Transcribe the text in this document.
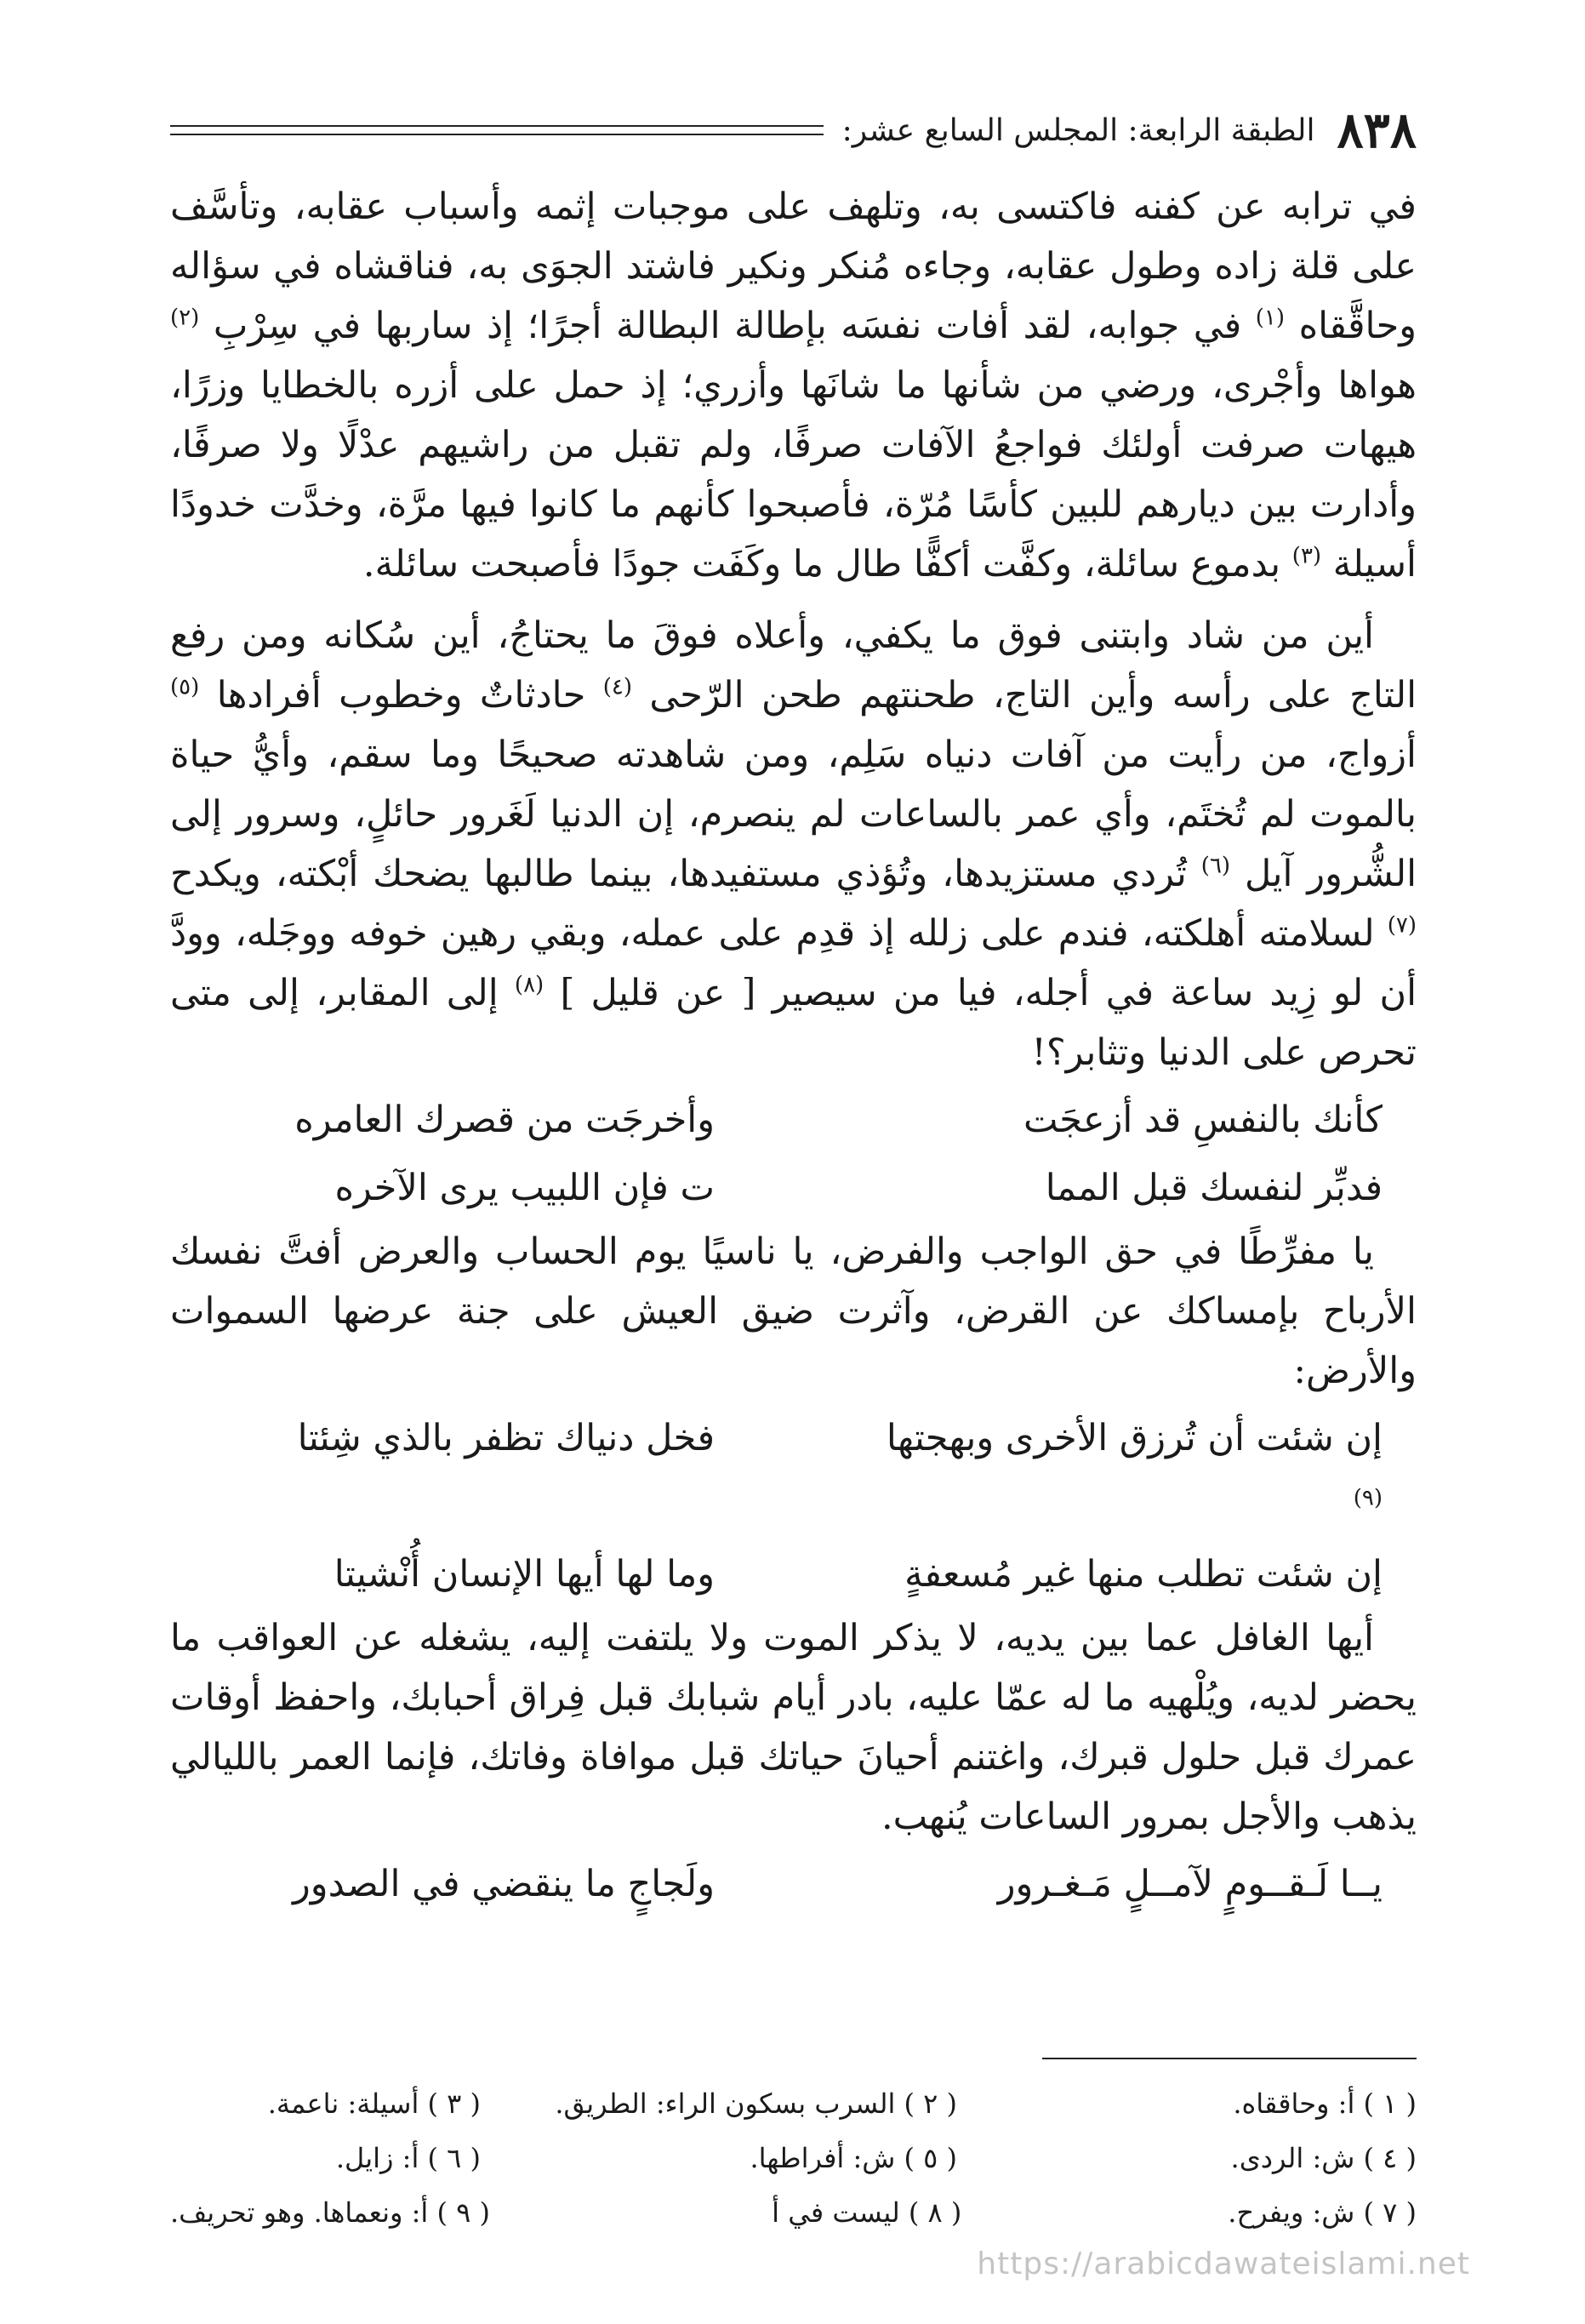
٨٣٨
الطبقة الرابعة: المجلس السابع عشر:

في ترابه عن كفنه فاكتسى به، وتلهف على موجبات إثمه وأسباب عقابه، وتأسَّف على قلة زاده وطول عقابه، وجاءه مُنكر ونكير فاشتد الجوَى به، فناقشاه في سؤاله وحاقَّقاه $^{(١)}$ في جوابه، لقد أفات نفسَه بإطالة البطالة أجرًا؛ إذ ساربها في سِرْبِ $^{(٢)}$ هواها وأجْرى، ورضي من شأنها ما شانَها وأزري؛ إذ حمل على أزره بالخطايا وزرًا، هيهات صرفت أولئك فواجعُ الآفات صرفًا، ولم تقبل من راشيهم عدْلًا ولا صرفًا، وأدارت بين ديارهم للبين كأسًا مُرّة، فأصبحوا كأنهم ما كانوا فيها مرَّة، وخدَّت خدودًا أسيلة $^{(٣)}$ بدموع سائلة، وكفَّت أكفًّا طال ما وكَفَت جودًا فأصبحت سائلة.

أين من شاد وابتنى فوق ما يكفي، وأعلاه فوقَ ما يحتاجُ، أين سُكانه ومن رفع التاج على رأسه وأين التاج، طحنتهم طحن الرّحى $^{(٤)}$ حادثاتٌ وخطوب أفرادها $^{(٥)}$ أزواج، من رأيت من آفات دنياه سَلِم، ومن شاهدته صحيحًا وما سقم، وأيُّ حياة بالموت لم تُختَم، وأي عمر بالساعات لم ينصرم، إن الدنيا لَغَرور حائلٍ، وسرور إلى الشُّرور آيل $^{(٦)}$ تُردي مستزيدها، وتُؤذي مستفيدها، بينما طالبها يضحك أبْكته، ويكدح $^{(٧)}$ لسلامته أهلكته، فندم على زلله إذ قدِم على عمله، وبقي رهين خوفه ووجَله، وودَّ أن لو زِيد ساعة في أجله، فيا من سيصير [ عن قليل ] $^{(٨)}$ إلى المقابر، إلى متى تحرص على الدنيا وتثابر؟!

كأنك بالنفسِ قد أزعجَت
وأخرجَت من قصرك العامره
فدبِّر لنفسك قبل المما
ت فإن اللبيب يرى الآخره

يا مفرِّطًا في حق الواجب والفرض، يا ناسيًا يوم الحساب والعرض أفتَّ نفسك الأرباح بإمساكك عن القرض، وآثرت ضيق العيش على جنة عرضها السموات والأرض:

إن شئت أن تُرزق الأخرى وبهجتها $^{(٩)}$
فخل دنياك تظفر بالذي شِئتا
إن شئت تطلب منها غير مُسعفةٍ
وما لها أيها الإنسان أُنْشيتا

أيها الغافل عما بين يديه، لا يذكر الموت ولا يلتفت إليه، يشغله عن العواقب ما يحضر لديه، ويُلْهيه ما له عمّا عليه، بادر أيام شبابك قبل فِراق أحبابك، واحفظ أوقات عمرك قبل حلول قبرك، واغتنم أحيانَ حياتك قبل موافاة وفاتك، فإنما العمر بالليالي يذهب والأجل بمرور الساعات يُنهب.

يــا لَـقــومٍ لآمــلٍ مَـغـرور
ولَجاجٍ ما ينقضي في الصدور
( ١ ) أ: وحاققاه.
( ٢ ) السرب بسكون الراء: الطريق.
( ٣ ) أسيلة: ناعمة.
( ٤ ) ش: الردى.
( ٥ ) ش: أفراطها.
( ٦ ) أ: زايل.
( ٧ ) ش: ويفرح.
( ٨ ) ليست في أ
( ٩ ) أ: ونعماها. وهو تحريف.
https://arabicdawateislami.net
